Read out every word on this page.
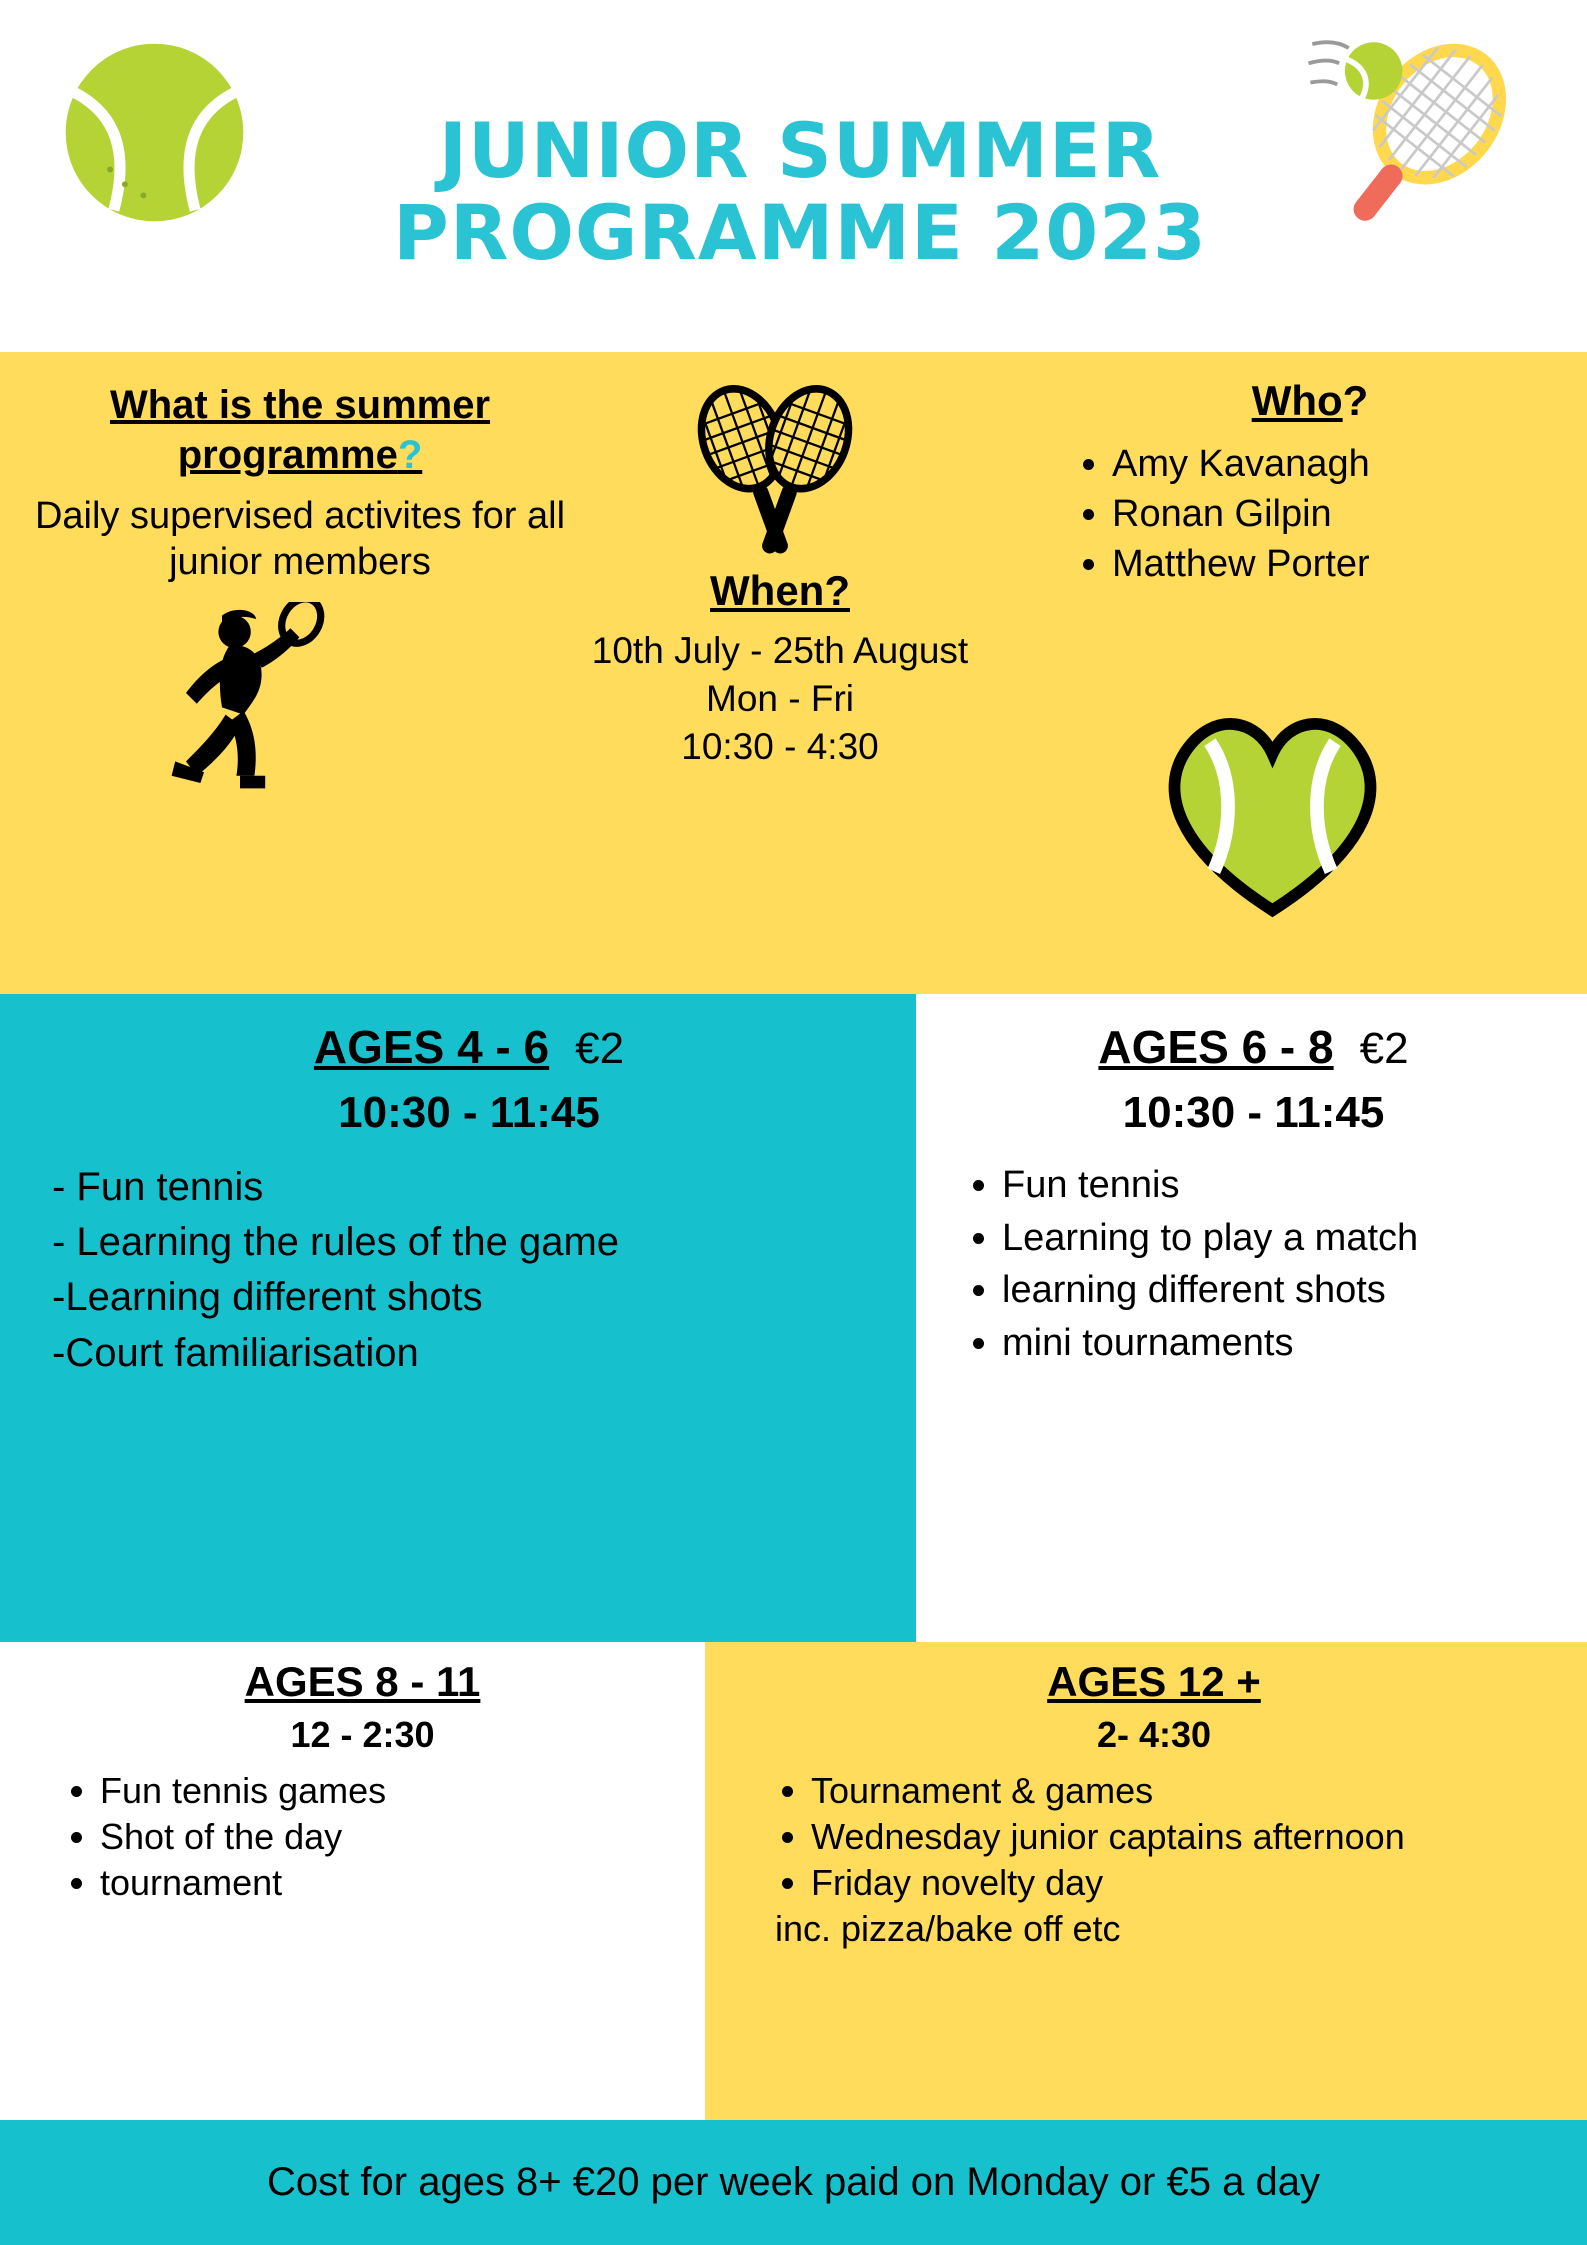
JUNIOR SUMMER
PROGRAMME 2023
What is the summer programme?
Daily supervised activites for all junior members
When?
10th July - 25th August
Mon - Fri
10:30 - 4:30
Who?
• Amy Kavanagh
• Ronan Gilpin
• Matthew Porter
AGES 4 - 6 €2
10:30 - 11:45
- Fun tennis
- Learning the rules of the game
-Learning different shots
-Court familiarisation
AGES 6 - 8 €2
10:30 - 11:45
• Fun tennis
• Learning to play a match
• learning different shots
• mini tournaments
AGES 8 - 11
12 - 2:30
• Fun tennis games
• Shot of the day
• tournament
AGES 12 +
2- 4:30
• Tournament & games
• Wednesday junior captains afternoon
• Friday novelty day
inc. pizza/bake off etc
Cost for ages 8+ €20 per week paid on Monday or €5 a day
